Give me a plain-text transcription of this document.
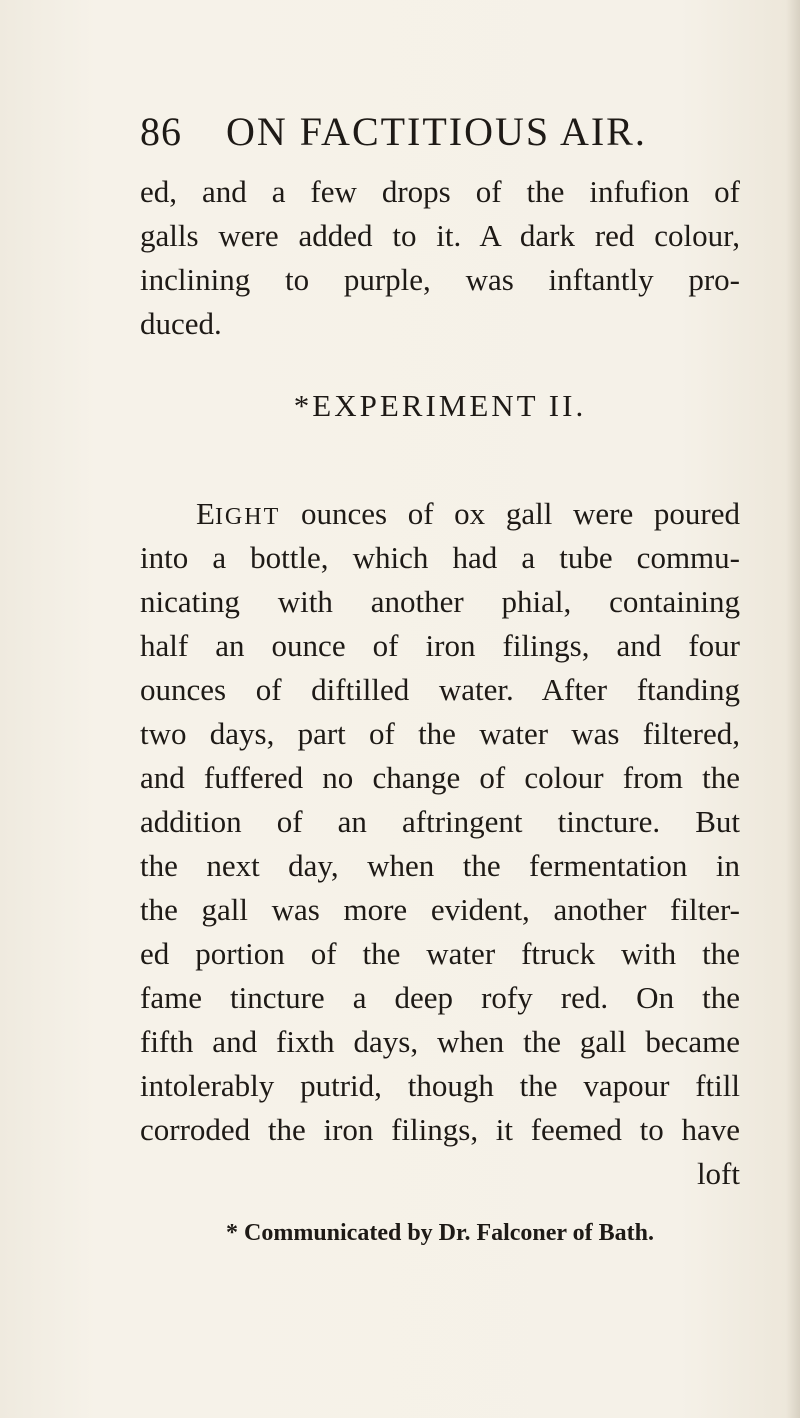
86 ON FACTITIOUS AIR.
ed, and a few drops of the infufion of
galls were added to it. A dark red colour,
inclining to purple, was inftantly pro-
duced.
*EXPERIMENT II.
EIGHT ounces of ox gall were poured
into a bottle, which had a tube commu-
nicating with another phial, containing
half an ounce of iron filings, and four
ounces of diftilled water. After ftanding
two days, part of the water was filtered,
and fuffered no change of colour from the
addition of an aftringent tincture. But
the next day, when the fermentation in
the gall was more evident, another filter-
ed portion of the water ftruck with the
fame tincture a deep rofy red. On the
fifth and fixth days, when the gall became
intolerably putrid, though the vapour ftill
corroded the iron filings, it feemed to have
loft
* Communicated by Dr. Falconer of Bath.
